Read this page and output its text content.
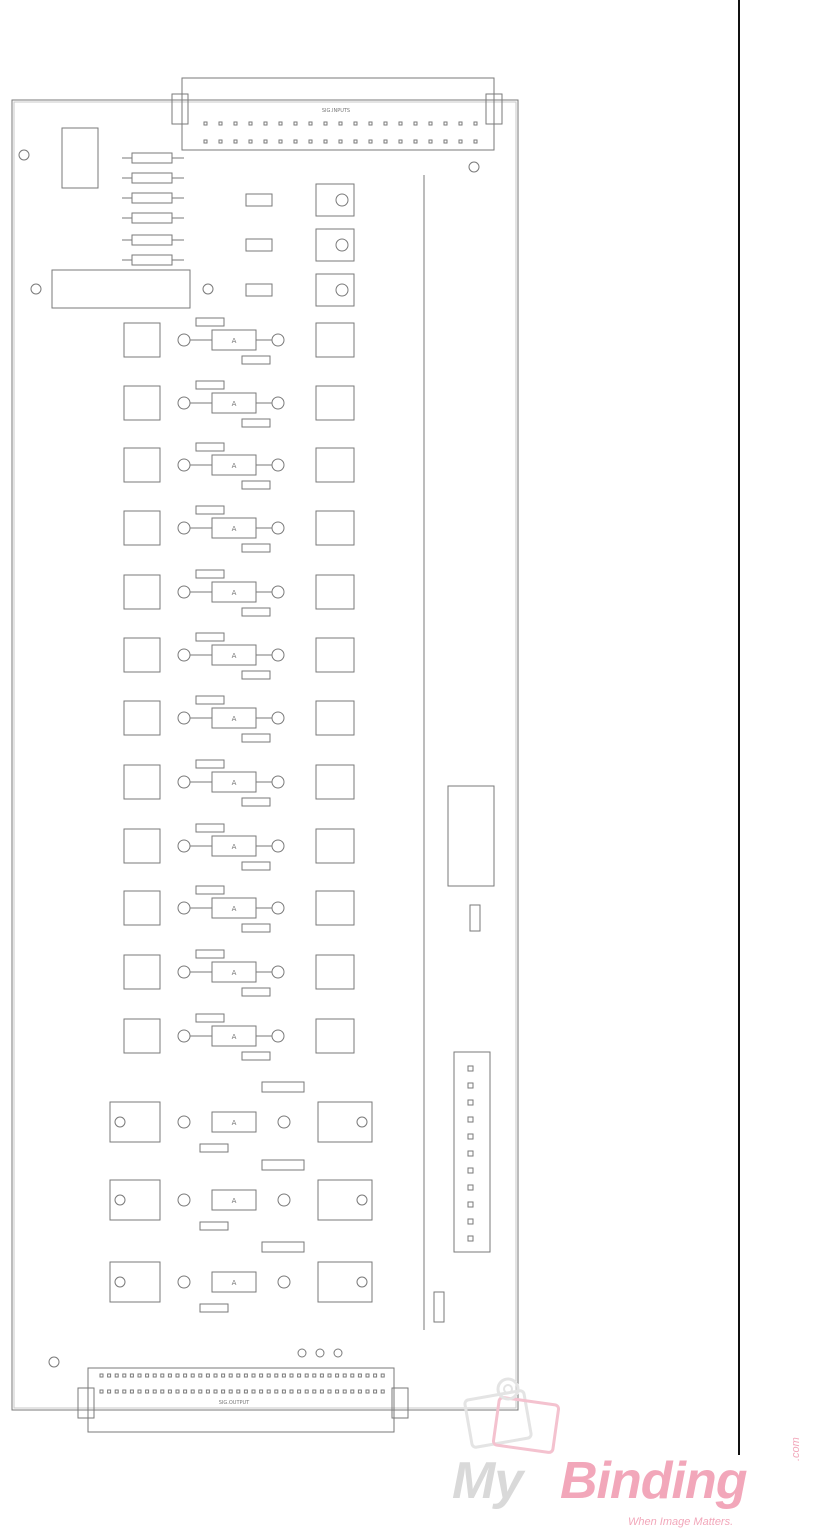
SIG.INPUTS
SIG.OUTPUT
A
A
A
A
A
A
A
A
A
A
A
A
A
A
A
My Binding
.com
When Image Matters.
